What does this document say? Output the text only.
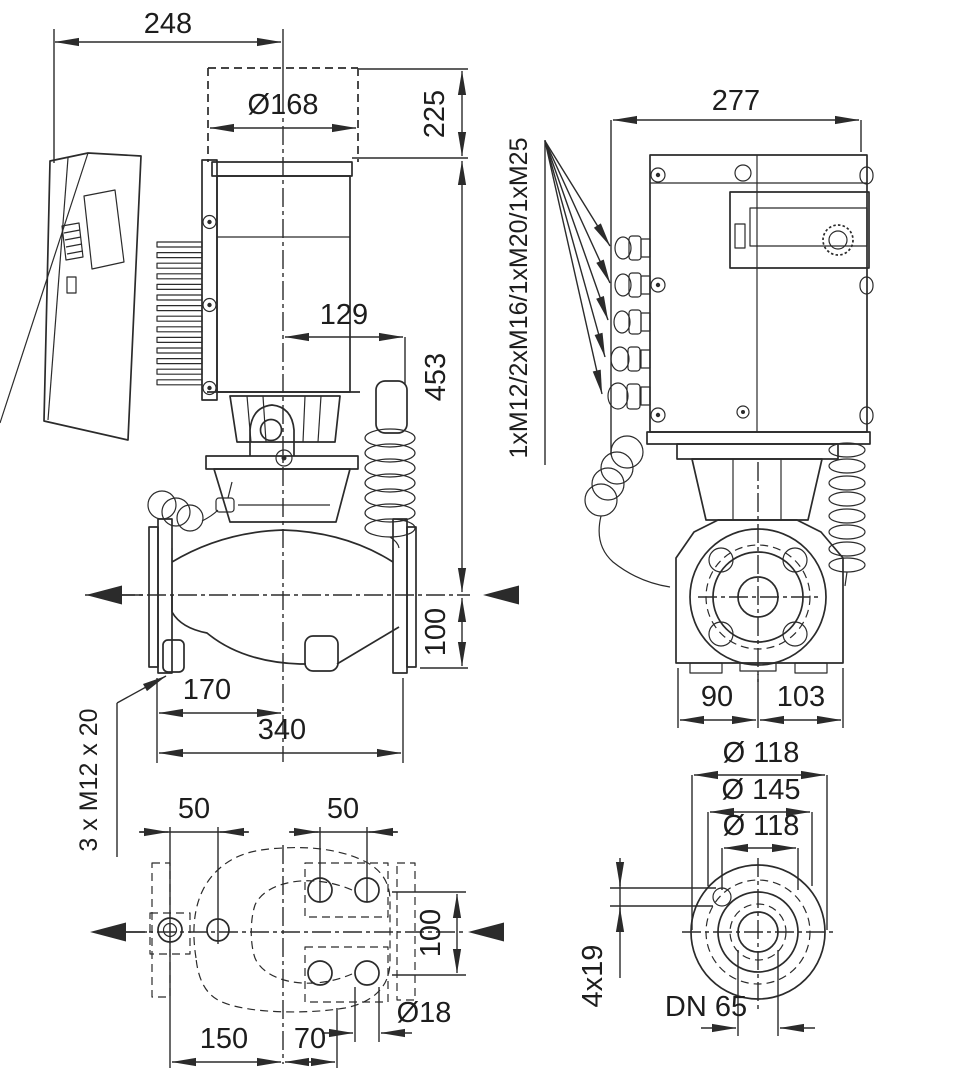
248
Ø168	225
129
453
100
170
340
3 x M12 x 20
277
1xM12/2xM16/1xM20/1xM25
90 103
50	50
100
Ø18
150 70
Ø 118
Ø 145
Ø 118
4x19 DN 65
